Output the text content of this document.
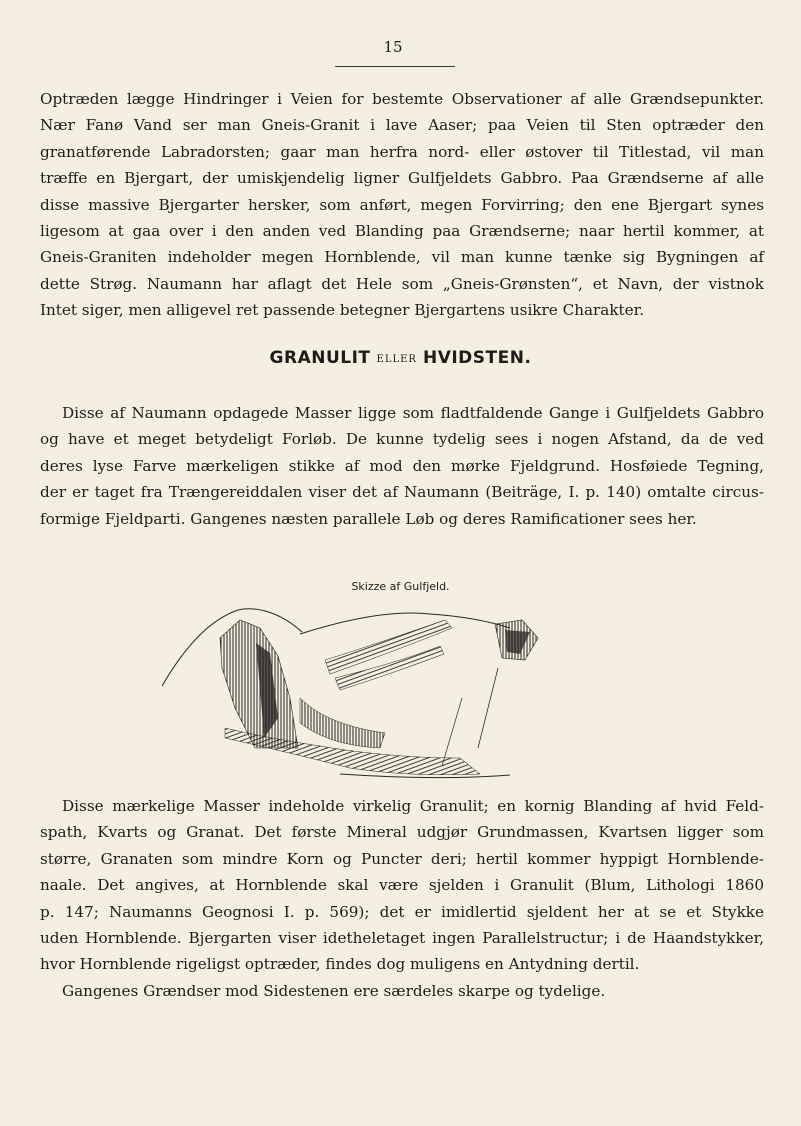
15
Optræden lægge Hindringer i Veien for bestemte Observationer af alle Grændsepunkter.
Nær Fanø Vand ser man Gneis-Granit i lave Aaser; paa Veien til Sten optræder den
granatførende Labradorsten; gaar man herfra nord- eller østover til Titlestad, vil man
træffe en Bjergart, der umiskjendelig ligner Gulfjeldets Gabbro. Paa Grændserne af alle
disse massive Bjergarter hersker, som anført, megen Forvirring; den ene Bjergart synes
ligesom at gaa over i den anden ved Blanding paa Grændserne; naar hertil kommer, at
Gneis-Graniten indeholder megen Hornblende, vil man kunne tænke sig Bygningen af
dette Strøg. Naumann har aflagt det Hele som „Gneis-Grønsten“, et Navn, der vistnok
Intet siger, men alligevel ret passende betegner Bjergartens usikre Charakter.
GRANULIT ELLER HVIDSTEN.
Disse af Naumann opdagede Masser ligge som fladtfaldende Gange i Gulfjeldets Gabbro
og have et meget betydeligt Forløb. De kunne tydelig sees i nogen Afstand, da de ved
deres lyse Farve mærkeligen stikke af mod den mørke Fjeldgrund. Hosføiede Tegning,
der er taget fra Trængereiddalen viser det af Naumann (Beiträge, I. p. 140) omtalte circus-
formige Fjeldparti. Gangenes næsten parallele Løb og deres Ramificationer sees her.
Skizze af Gulfjeld.
Disse mærkelige Masser indeholde virkelig Granulit; en kornig Blanding af hvid Feld-
spath, Kvarts og Granat. Det første Mineral udgjør Grundmassen, Kvartsen ligger som
større, Granaten som mindre Korn og Puncter deri; hertil kommer hyppigt Hornblende-
naale. Det angives, at Hornblende skal være sjelden i Granulit (Blum, Lithologi 1860
p. 147; Naumanns Geognosi I. p. 569); det er imidlertid sjeldent her at se et Stykke
uden Hornblende. Bjergarten viser idetheletaget ingen Parallelstructur; i de Haandstykker,
hvor Hornblende rigeligst optræder, findes dog muligens en Antydning dertil.
Gangenes Grændser mod Sidestenen ere særdeles skarpe og tydelige.
